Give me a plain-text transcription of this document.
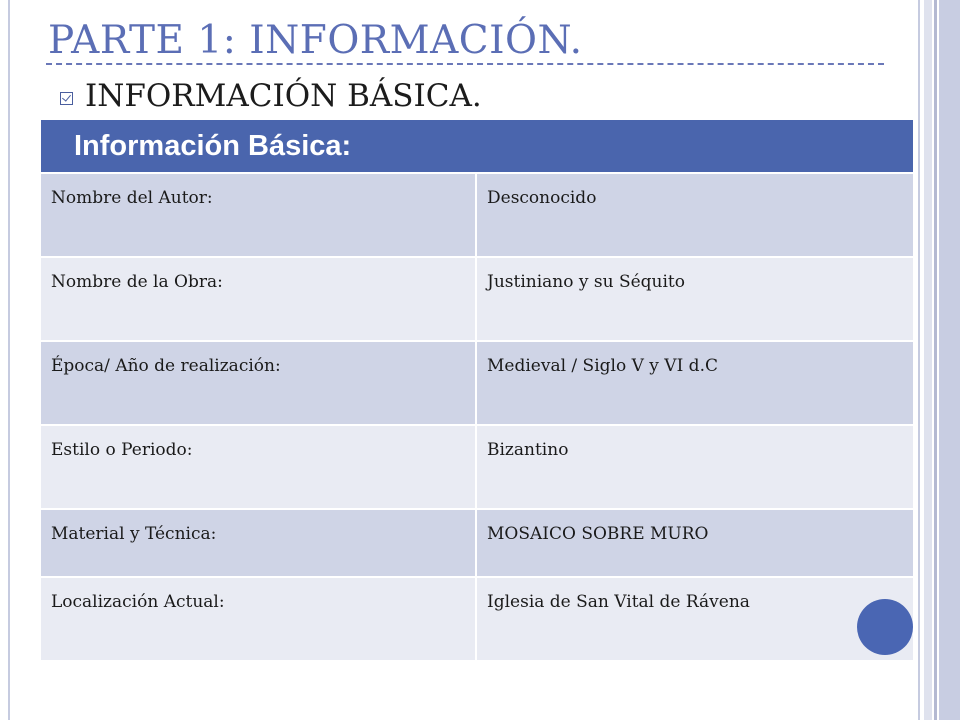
PARTE 1: INFORMACIÓN.
INFORMACIÓN BÁSICA.
Información Básica:	
Nombre del Autor:	Desconocido
Nombre de la Obra:	Justiniano y su Séquito
Época/ Año de realización:	Medieval / Siglo V y VI d.C
Estilo o Periodo:	Bizantino
Material y Técnica:	MOSAICO SOBRE MURO
Localización Actual:	Iglesia de San Vital de Rávena
